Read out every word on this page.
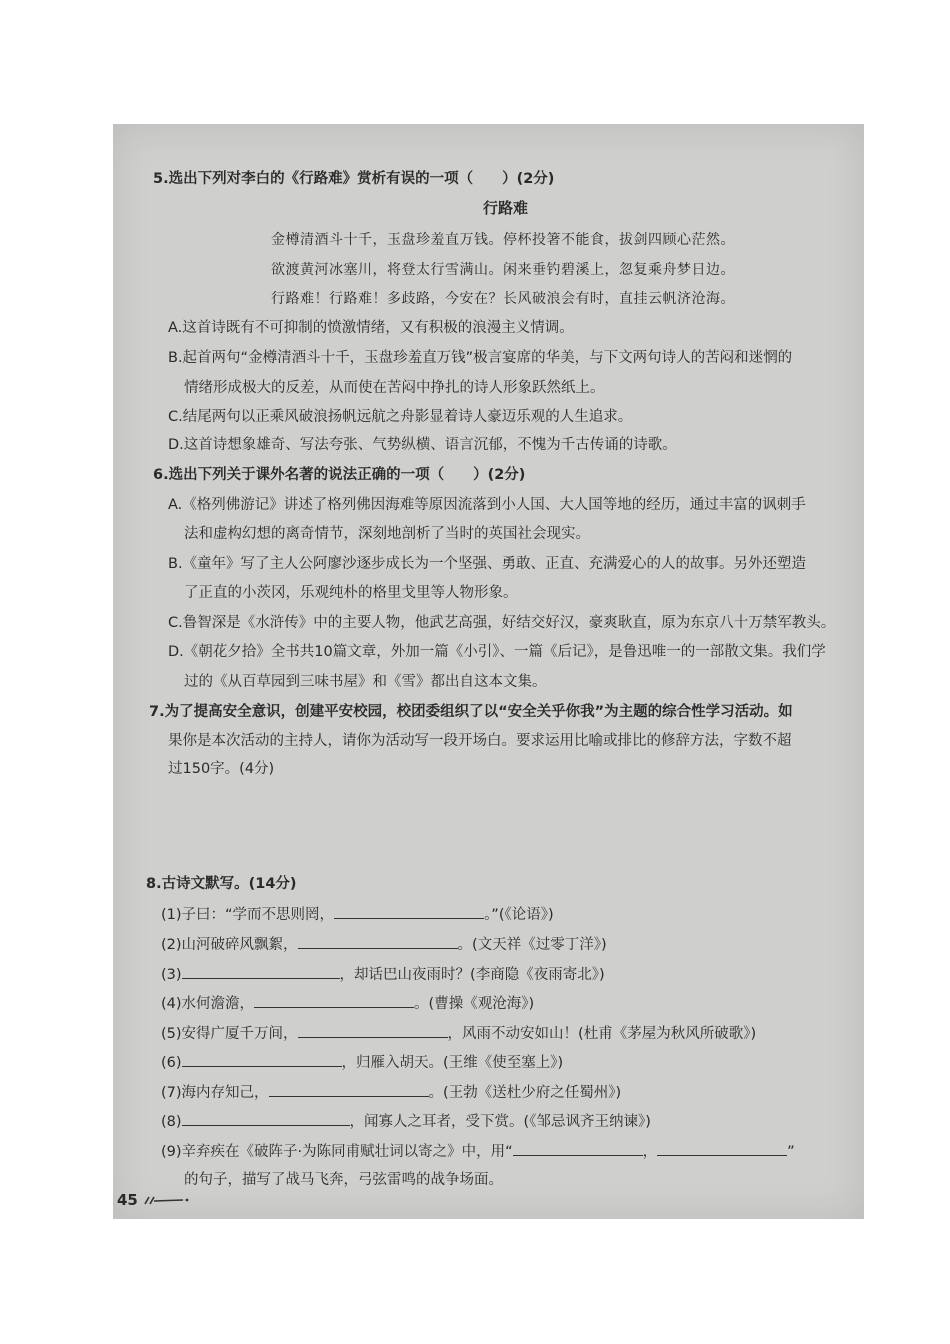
5.选出下列对李白的《行路难》赏析有误的一项（　　）(2分)
行路难
金樽清酒斗十千，玉盘珍羞直万钱。停杯投箸不能食，拔剑四顾心茫然。
欲渡黄河冰塞川，将登太行雪满山。闲来垂钓碧溪上，忽复乘舟梦日边。
行路难！行路难！多歧路，今安在？长风破浪会有时，直挂云帆济沧海。
A.这首诗既有不可抑制的愤激情绪，又有积极的浪漫主义情调。
B.起首两句“金樽清酒斗十千，玉盘珍羞直万钱”极言宴席的华美，与下文两句诗人的苦闷和迷惘的
情绪形成极大的反差，从而使在苦闷中挣扎的诗人形象跃然纸上。
C.结尾两句以正乘风破浪扬帆远航之舟影显着诗人豪迈乐观的人生追求。
D.这首诗想象雄奇、写法夸张、气势纵横、语言沉郁，不愧为千古传诵的诗歌。
6.选出下列关于课外名著的说法正确的一项（　　）(2分)
A.《格列佛游记》讲述了格列佛因海难等原因流落到小人国、大人国等地的经历，通过丰富的讽刺手
法和虚构幻想的离奇情节，深刻地剖析了当时的英国社会现实。
B.《童年》写了主人公阿廖沙逐步成长为一个坚强、勇敢、正直、充满爱心的人的故事。另外还塑造
了正直的小茨冈，乐观纯朴的格里戈里等人物形象。
C.鲁智深是《水浒传》中的主要人物，他武艺高强，好结交好汉，豪爽耿直，原为东京八十万禁军教头。
D.《朝花夕拾》全书共10篇文章，外加一篇《小引》、一篇《后记》，是鲁迅唯一的一部散文集。我们学
过的《从百草园到三味书屋》和《雪》都出自这本文集。
7.为了提高安全意识，创建平安校园，校团委组织了以“安全关乎你我”为主题的综合性学习活动。如
果你是本次活动的主持人，请你为活动写一段开场白。要求运用比喻或排比的修辞方法，字数不超
过150字。(4分)
8.古诗文默写。(14分)
(1)子曰：“学而不思则罔，	。”(《论语》)
(2)山河破碎风飘絮，	。(文天祥《过零丁洋》)
(3)	，却话巴山夜雨时？(李商隐《夜雨寄北》)
(4)水何澹澹，	。(曹操《观沧海》)
(5)安得广厦千万间，	，风雨不动安如山！(杜甫《茅屋为秋风所破歌》)
(6)	，归雁入胡天。(王维《使至塞上》)
(7)海内存知己，	。(王勃《送杜少府之任蜀州》)
(8)	，闻寡人之耳者，受下赏。(《邹忌讽齐王纳谏》)
(9)辛弃疾在《破阵子·为陈同甫赋壮词以寄之》中，用“	，	”
的句子，描写了战马飞奔，弓弦雷鸣的战争场面。
45
